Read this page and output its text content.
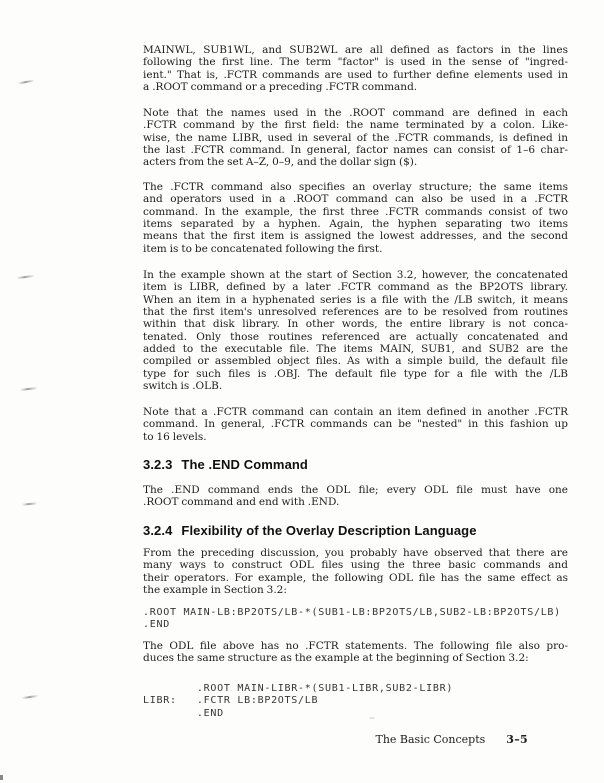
MAINWL, SUB1WL, and SUB2WL are all defined as factors in the lines
following the first line. The term "factor" is used in the sense of "ingred-
ient." That is, .FCTR commands are used to further define elements used in
a .ROOT command or a preceding .FCTR command.
Note that the names used in the .ROOT command are defined in each
.FCTR command by the first field: the name terminated by a colon. Like-
wise, the name LIBR, used in several of the .FCTR commands, is defined in
the last .FCTR command. In general, factor names can consist of 1–6 char-
acters from the set A–Z, 0–9, and the dollar sign ($).
The .FCTR command also specifies an overlay structure; the same items
and operators used in a .ROOT command can also be used in a .FCTR
command. In the example, the first three .FCTR commands consist of two
items separated by a hyphen. Again, the hyphen separating two items
means that the first item is assigned the lowest addresses, and the second
item is to be concatenated following the first.
In the example shown at the start of Section 3.2, however, the concatenated
item is LIBR, defined by a later .FCTR command as the BP2OTS library.
When an item in a hyphenated series is a file with the /LB switch, it means
that the first item's unresolved references are to be resolved from routines
within that disk library. In other words, the entire library is not conca-
tenated. Only those routines referenced are actually concatenated and
added to the executable file. The items MAIN, SUB1, and SUB2 are the
compiled or assembled object files. As with a simple build, the default file
type for such files is .OBJ. The default file type for a file with the /LB
switch is .OLB.
Note that a .FCTR command can contain an item defined in another .FCTR
command. In general, .FCTR commands can be "nested" in this fashion up
to 16 levels.
3.2.3 The .END Command
The .END command ends the ODL file; every ODL file must have one
.ROOT command and end with .END.
3.2.4 Flexibility of the Overlay Description Language
From the preceding discussion, you probably have observed that there are
many ways to construct ODL files using the three basic commands and
their operators. For example, the following ODL file has the same effect as
the example in Section 3.2:
.ROOT MAIN-LB:BP2OTS/LB-*(SUB1-LB:BP2OTS/LB,SUB2-LB:BP2OTS/LB)
.END
The ODL file above has no .FCTR statements. The following file also pro-
duces the same structure as the example at the beginning of Section 3.2:
.ROOT MAIN-LIBR-*(SUB1-LIBR,SUB2-LIBR)
LIBR:   .FCTR LB:BP2OTS/LB
.END
The Basic Concepts 3–5
